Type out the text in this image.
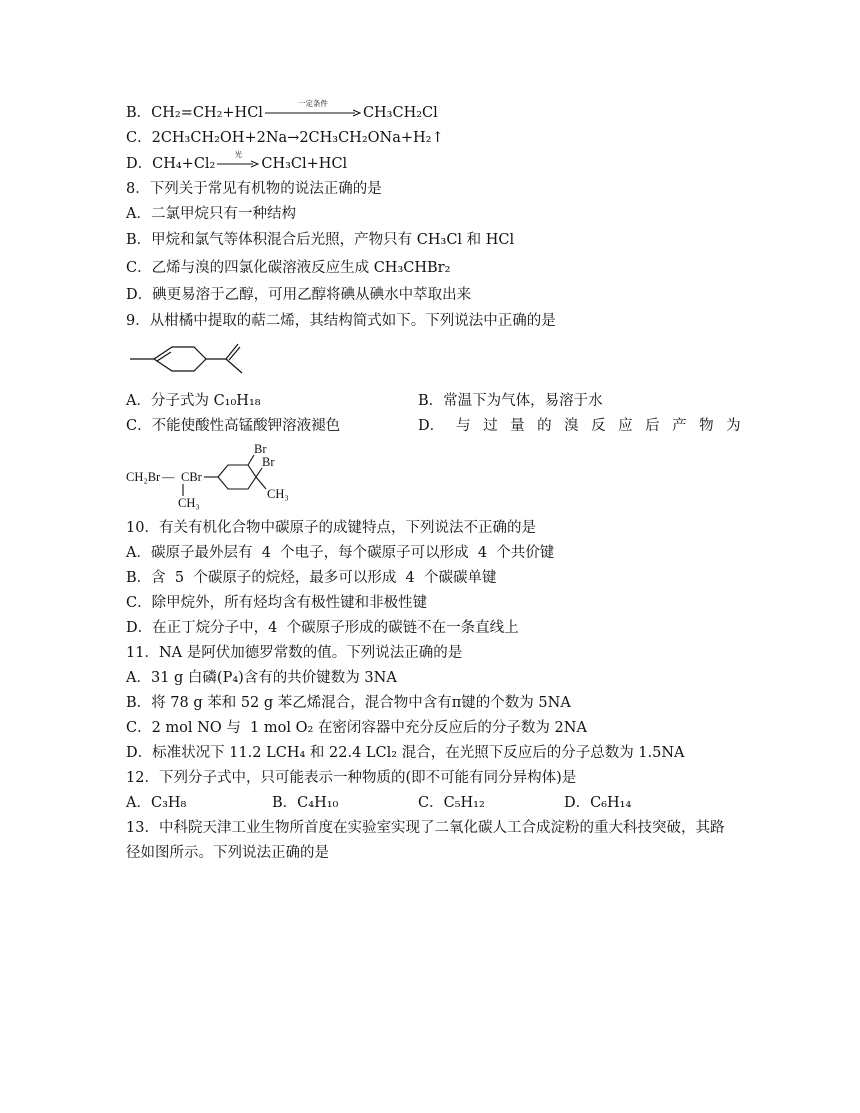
B．CH₂=CH₂+HCl
一定条件
CH₃CH₂Cl
C．2CH₃CH₂OH+2Na→2CH₃CH₂ONa+H₂↑
D．CH₄+Cl₂
光
CH₃Cl+HCl
8．下列关于常见有机物的说法正确的是
A．二氯甲烷只有一种结构
B．甲烷和氯气等体积混合后光照，产物只有 CH₃Cl 和 HCl
C．乙烯与溴的四氯化碳溶液反应生成 CH₃CHBr₂
D．碘更易溶于乙醇，可用乙醇将碘从碘水中萃取出来
9．从柑橘中提取的萜二烯，其结构简式如下。下列说法中正确的是
A．分子式为 C₁₀H₁₈	B．常温下为气体，易溶于水
C．不能使酸性高锰酸钾溶液褪色	D． 与过量的溴反应后产物为
CH₂Br — CBr
CH₃
Br
Br
CH₃
10．有关有机化合物中碳原子的成键特点，下列说法不正确的是
A．碳原子最外层有  4  个电子，每个碳原子可以形成  4  个共价键
B．含  5  个碳原子的烷烃，最多可以形成  4  个碳碳单键
C．除甲烷外，所有烃均含有极性键和非极性键
D．在正丁烷分子中，4  个碳原子形成的碳链不在一条直线上
11．NA 是阿伏加德罗常数的值。下列说法正确的是
A．31 g 白磷(P₄)含有的共价键数为 3NA
B．将 78 g 苯和 52 g 苯乙烯混合，混合物中含有π键的个数为 5NA
C．2 mol NO 与  1 mol O₂ 在密闭容器中充分反应后的分子数为 2NA
D．标准状况下 11.2 LCH₄ 和 22.4 LCl₂ 混合，在光照下反应后的分子总数为 1.5NA
12．下列分子式中，只可能表示一种物质的(即不可能有同分异构体)是
A．C₃H₈	B．C₄H₁₀	C．C₅H₁₂	D．C₆H₁₄
13．中科院天津工业生物所首度在实验室实现了二氧化碳人工合成淀粉的重大科技突破，其路
径如图所示。下列说法正确的是
